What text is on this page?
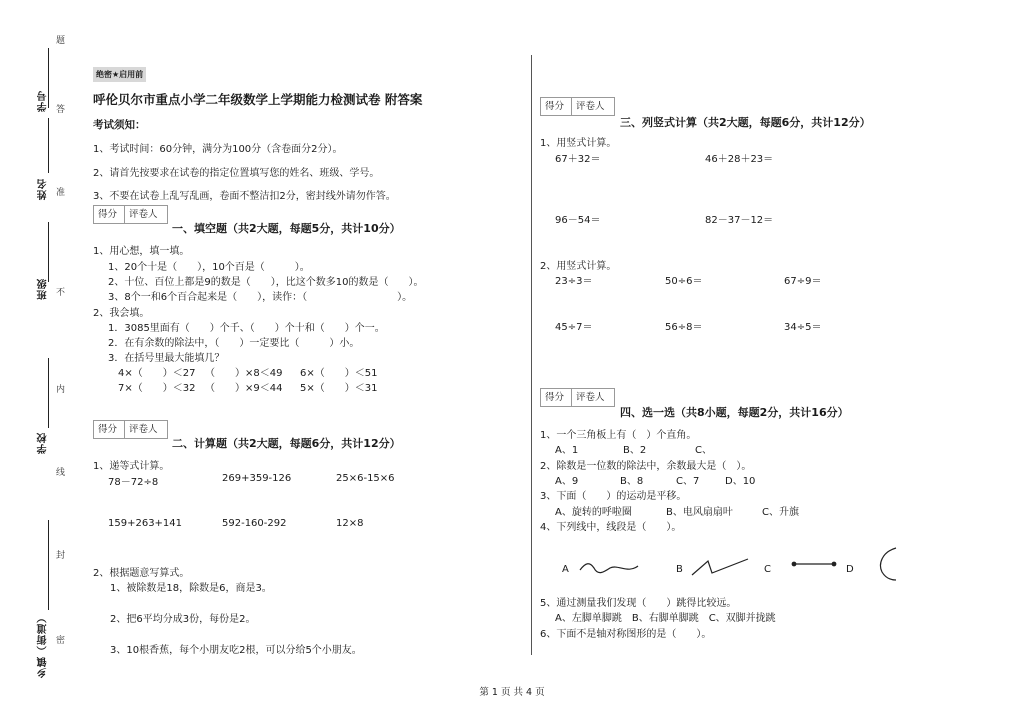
学号
姓名
班级
学校
乡镇（街道）
题
答
准
不
内
线
封
密
绝密★启用前
呼伦贝尔市重点小学二年级数学上学期能力检测试卷 附答案
考试须知：
1、考试时间：60分钟，满分为100分（含卷面分2分）。
2、请首先按要求在试卷的指定位置填写您的姓名、班级、学号。
3、不要在试卷上乱写乱画，卷面不整洁扣2分，密封线外请勿作答。
得分	评卷人
一、填空题（共2大题，每题5分，共计10分）
1、用心想，填一填。
1、20个十是（　　），10个百是（　　　）。
2、十位、百位上都是9的数是（　　），比这个数多10的数是（　　）。
3、8个一和6个百合起来是（　　），读作：（　　　　　　　　　）。
2、我会填。
1．3085里面有（　　）个千、（　　）个十和（　　）个一。
2．在有余数的除法中，（　　）一定要比（　　　）小。
3．在括号里最大能填几？
4×（　　）＜27 （　　）×8＜49 6×（　　）＜51
7×（　　）＜32 （　　）×9＜44 5×（　　）＜31
得分	评卷人
二、计算题（共2大题，每题6分，共计12分）
1、递等式计算。
78－72÷8	269+359-126	25×6-15×6
159+263+141	592-160-292	12×8
2、根据题意写算式。
1、被除数是18，除数是6，商是3。
2、把6平均分成3份，每份是2。
3、10根香蕉，每个小朋友吃2根，可以分给5个小朋友。
得分	评卷人
三、列竖式计算（共2大题，每题6分，共计12分）
1、用竖式计算。
67＋32＝	46＋28＋23＝
96－54＝	82－37－12＝
2、用竖式计算。
23÷3＝	50÷6＝	67÷9＝
45÷7＝	56÷8＝	34÷5＝
得分	评卷人
四、选一选（共8小题，每题2分，共计16分）
1、一个三角板上有（　）个直角。
A、1	B、2	C、
2、除数是一位数的除法中，余数最大是（　）。
A、9	B、8	C、7	D、10
3、下面（　　）的运动是平移。
A、旋转的呼啦圈	B、电风扇扇叶	C、升旗
4、下列线中，线段是（　　）。
A	B	C	D
5、通过测量我们发现（　　）跳得比较远。
A、左脚单脚跳　B、右脚单脚跳　C、双脚并拢跳
6、下面不是轴对称图形的是（　　）。
第 1 页 共 4 页
